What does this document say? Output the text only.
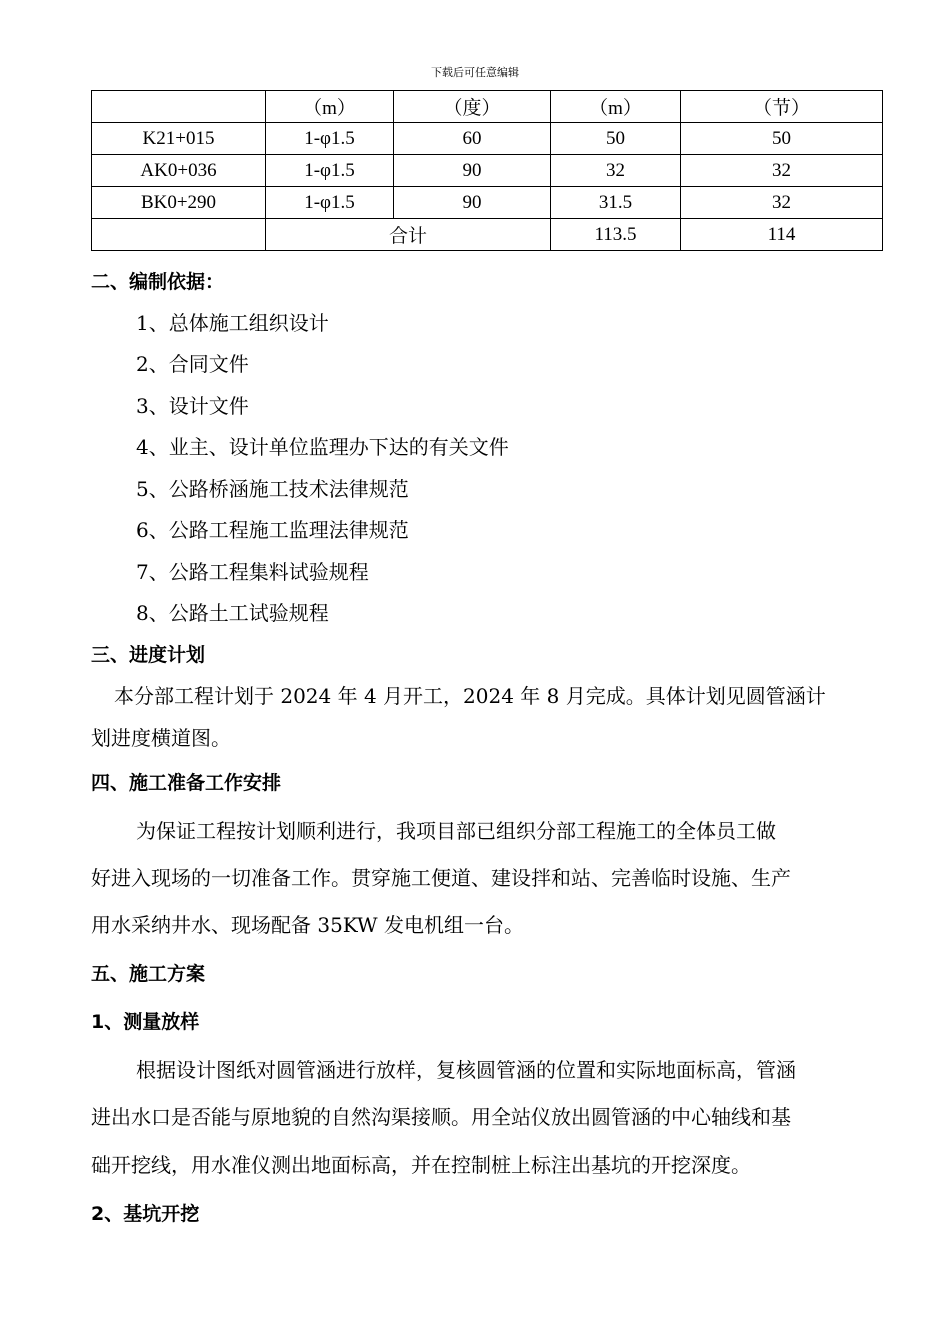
下载后可任意编辑
	（m）	（度）	（m）	（节）
K21+015	1-φ1.5	60	50	50
AK0+036	1-φ1.5	90	32	32
BK0+290	1-φ1.5	90	31.5	32
	合计		113.5	114
二、编制依据：
1、总体施工组织设计
2、合同文件
3、设计文件
4、业主、设计单位监理办下达的有关文件
5、公路桥涵施工技术法律规范
6、公路工程施工监理法律规范
7、公路工程集料试验规程
8、公路土工试验规程
三、进度计划
本分部工程计划于 2024 年 4 月开工，2024 年 8 月完成。具体计划见圆管涵计
划进度横道图。
四、施工准备工作安排
为保证工程按计划顺利进行，我项目部已组织分部工程施工的全体员工做
好进入现场的一切准备工作。贯穿施工便道、建设拌和站、完善临时设施、生产
用水采纳井水、现场配备 35KW 发电机组一台。
五、施工方案
1、测量放样
根据设计图纸对圆管涵进行放样，复核圆管涵的位置和实际地面标高，管涵
进出水口是否能与原地貌的自然沟渠接顺。用全站仪放出圆管涵的中心轴线和基
础开挖线，用水准仪测出地面标高，并在控制桩上标注出基坑的开挖深度。
2、基坑开挖
